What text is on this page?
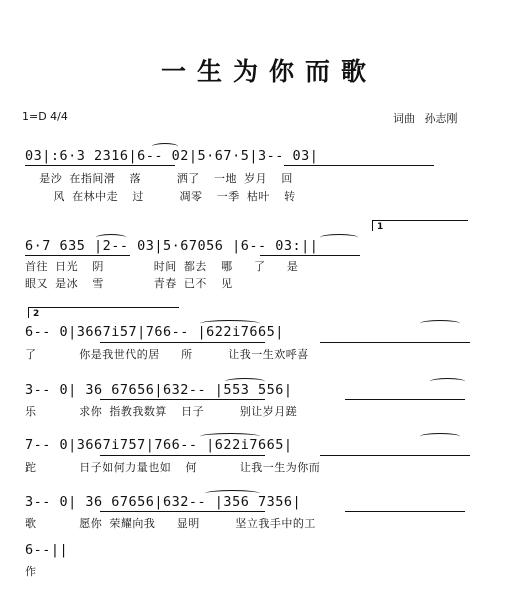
一生为你而歌
1=D 4/4	词曲 孙志刚
03|:6·3 2316|6-- 02|5·67·5|3-- 03|
是沙 在指间滑  落     洒了  一地 岁月  回
风 在林中走  过     凋零  一季 枯叶  转
1
6·7 635 |2-- 03|5·67056 |6-- 03:||
首往 日光  阴       时间 都去  哪   了   是
眼又 是冰  雪       青春 已不  见
2
6-- 0|3667i57|766-- |622i7665|
了      你是我世代的居   所     让我一生欢呼喜
3-- 0| 36 67656|632-- |553 556|
乐      求你 指教我数算  日子     别让岁月蹉
7-- 0|3667i757|766-- |622i7665|
跎      日子如何力量也如  何      让我一生为你而
3-- 0| 36 67656|632-- |356 7356|
歌      愿你 荣耀向我   显明     坚立我手中的工
6--||
作
